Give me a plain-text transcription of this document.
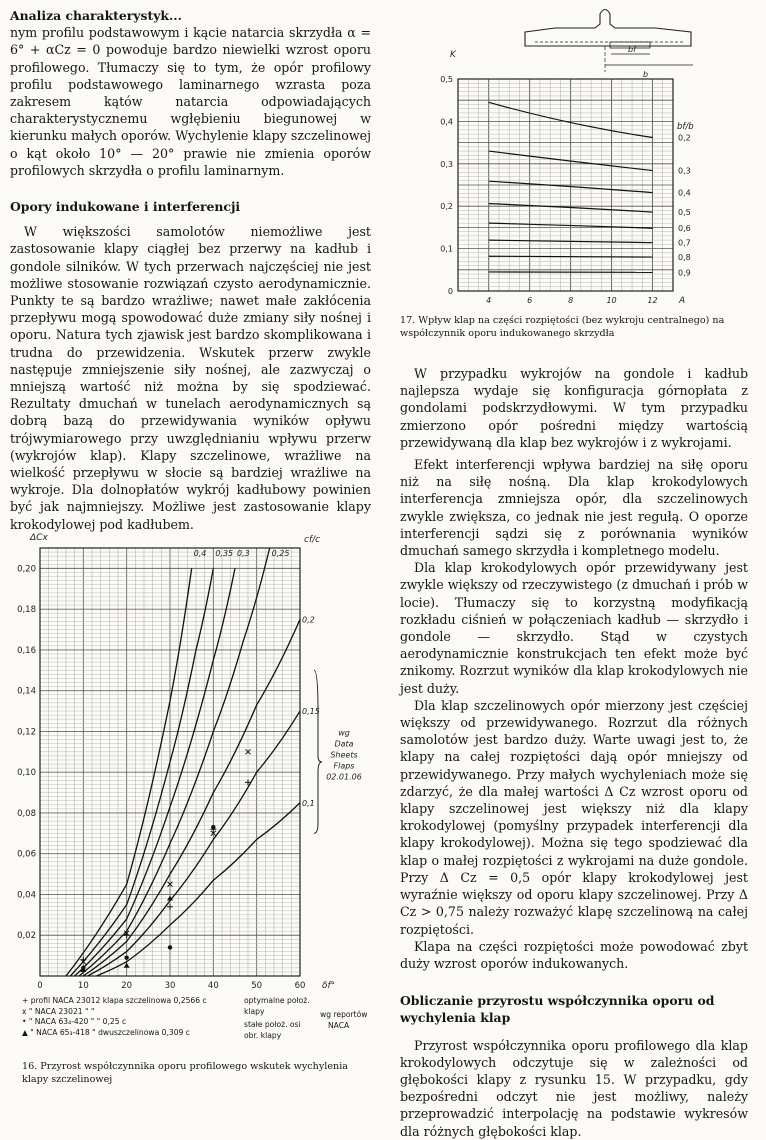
Analiza charakterystyk...

nym profilu podstawowym i kącie natarcia skrzydła α = 6° + αCz = 0 powoduje bardzo niewielki wzrost oporu profilowego. Tłumaczy się to tym, że opór profilowy profilu podstawowego laminarnego wzrasta poza zakresem kątów natarcia odpowiadających charakterystycznemu wgłębieniu biegunowej w kierunku małych oporów. Wychylenie klapy szczelinowej o kąt około 10° — 20° prawie nie zmienia oporów profilowych skrzydła o profilu laminarnym.

Opory indukowane i interferencji

W większości samolotów niemożliwe jest zastosowanie klapy ciągłej bez przerwy na kadłub i gondole silników. W tych przerwach najczęściej nie jest możliwe stosowanie rozwiązań czysto aerodynamicznie. Punkty te są bardzo wrażliwe; nawet małe zakłócenia przepływu mogą spowodować duże zmiany siły nośnej i oporu. Natura tych zjawisk jest bardzo skomplikowana i trudna do przewidzenia. Wskutek przerw zwykle następuje zmniejszenie siły nośnej, ale zazwyczaj o mniejszą wartość niż można by się spodziewać. Rezultaty dmuchań w tunelach aerodynamicznych są dobrą bazą do przewidywania wyników opływu trójwymiarowego przy uwzględnianiu wpływu przerw (wykrojów klap). Klapy szczelinowe, wrażliwe na wielkość przepływu w słocie są bardziej wrażliwe na wykroje. Dla dolnopłatów wykrój kadłubowy powinien być jak najmniejszy. Możliwe jest zastosowanie klapy krokodylowej pod kadłubem.

0,02
0,04
0,06
0,08
0,10
0,12
0,14
0,16
0,18
0,20
0	10	20	30	40	50	60
ΔCx
δf°
cf/c
0,1
0,15
0,2
0,25
0,3
0,35
0,4
wg
Data
Sheets
Flaps
02.01.06
+ profil NACA 23012 klapa szczelinowa 0,2566 c
x " NACA 23021 " "
• " NACA 63₄-420 " " 0,25 c
▲ " NACA 65₃-418 " dwuszczelinowa 0,309 c
optymalne położ. klapy
stałe położ. osi obr. klapy
wg reportów
NACA
16. Przyrost współczynnika oporu profilowego wskutek wychylenia klapy szczelinowej
bf
b
0,1
0,2
0,3
0,4
0,5
0
4	6	8	10	12
K
A
bf/b
0,2
0,3
0,4
0,5
0,6
0,7
0,8
0,9
17. Wpływ klap na części rozpiętości (bez wykroju centralnego) na współczynnik oporu indukowanego skrzydła

W przypadku wykrojów na gondole i kadłub najlepsza wydaje się konfiguracja górnopłata z gondolami podskrzydłowymi. W tym przypadku zmierzono opór pośredni między wartością przewidywaną dla klap bez wykrojów i z wykrojami.

Efekt interferencji wpływa bardziej na siłę oporu niż na siłę nośną. Dla klap krokodylowych interferencja zmniejsza opór, dla szczelinowych zwykle zwiększa, co jednak nie jest regułą. O oporze interferencji sądzi się z porównania wyników dmuchań samego skrzydła i kompletnego modelu.

Dla klap krokodylowych opór przewidywany jest zwykle większy od rzeczywistego (z dmuchań i prób w locie). Tłumaczy się to korzystną modyfikacją rozkładu ciśnień w połączeniach kadłub — skrzydło i gondole — skrzydło. Stąd w czystych aerodynamicznie konstrukcjach ten efekt może być znikomy. Rozrzut wyników dla klap krokodylowych nie jest duży.

Dla klap szczelinowych opór mierzony jest częściej większy od przewidywanego. Rozrzut dla różnych samolotów jest bardzo duży. Warte uwagi jest to, że klapy na całej rozpiętości dają opór mniejszy od przewidywanego. Przy małych wychyleniach może się zdarzyć, że dla małej wartości Δ Cz wzrost oporu od klapy szczelinowej jest większy niż dla klapy krokodylowej (pomyślny przypadek interferencji dla klapy krokodylowej). Można się tego spodziewać dla klap o małej rozpiętości z wykrojami na duże gondole. Przy Δ Cz = 0,5 opór klapy krokodylowej jest wyraźnie większy od oporu klapy szczelinowej. Przy Δ Cz > 0,75 należy rozważyć klapę szczelinową na całej rozpiętości.

Klapa na części rozpiętości może powodować zbyt duży wzrost oporów indukowanych.

Obliczanie przyrostu współczynnika oporu od wychylenia klap

Przyrost współczynnika oporu profilowego dla klap krokodylowych odczytuje się w zależności od głębokości klapy z rysunku 15. W przypadku, gdy bezpośredni odczyt nie jest możliwy, należy przeprowadzić interpolację na podstawie wykresów dla różnych głębokości klap.
